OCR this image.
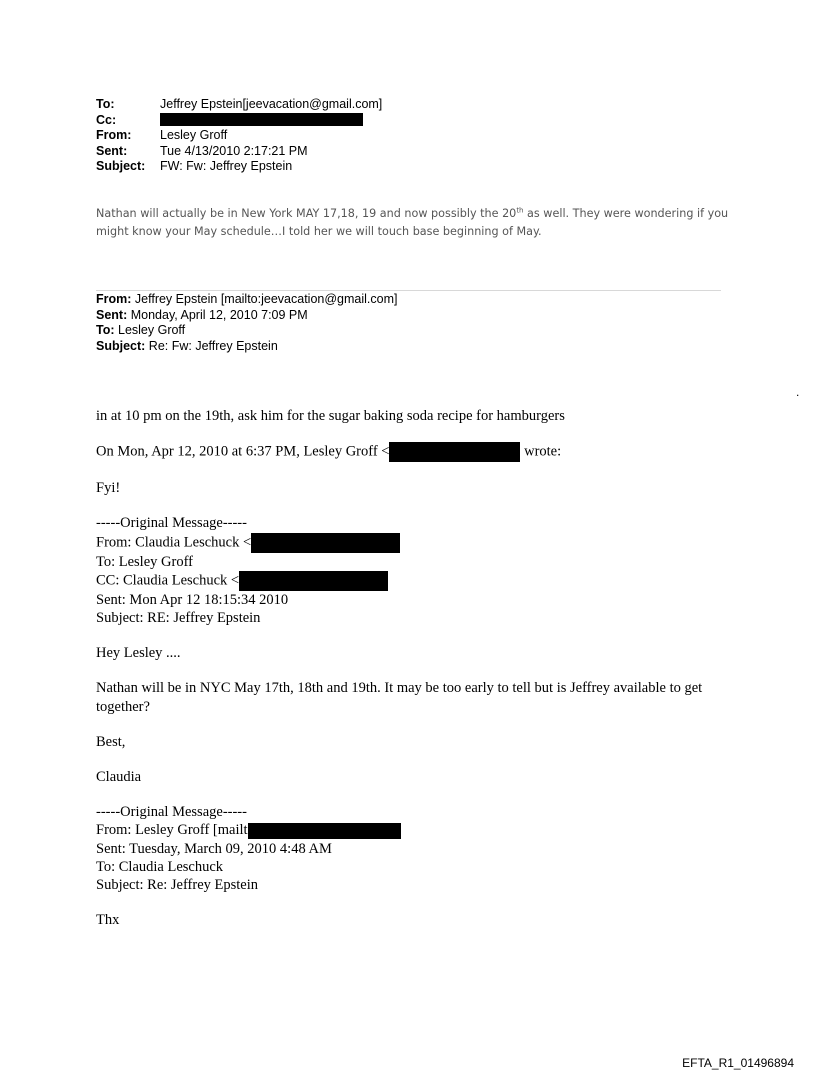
To:	Jeffrey Epstein[jeevacation@gmail.com]
Cc:
From:	Lesley Groff
Sent:	Tue 4/13/2010 2:17:21 PM
Subject:	FW: Fw: Jeffrey Epstein
Nathan will actually be in New York MAY 17,18, 19 and now possibly the 20th as well. They were wondering if you might know your May schedule…I told her we will touch base beginning of May.
From: Jeffrey Epstein [mailto:jeevacation@gmail.com]
Sent: Monday, April 12, 2010 7:09 PM
To: Lesley Groff
Subject: Re: Fw: Jeffrey Epstein
.

in at 10 pm on the 19th, ask him for the sugar baking soda recipe for hamburgers

On Mon, Apr 12, 2010 at 6:37 PM, Lesley Groff <	wrote:

Fyi!

-----Original Message-----

From: Claudia Leschuck <

To: Lesley Groff

CC: Claudia Leschuck <

Sent: Mon Apr 12 18:15:34 2010

Subject: RE: Jeffrey Epstein

Hey Lesley ....

Nathan will be in NYC May 17th, 18th and 19th. It may be too early to tell but is Jeffrey available to get together?

Best,

Claudia

-----Original Message-----

From: Lesley Groff [mailt

Sent: Tuesday, March 09, 2010 4:48 AM

To: Claudia Leschuck

Subject: Re: Jeffrey Epstein

Thx

EFTA_R1_01496894
